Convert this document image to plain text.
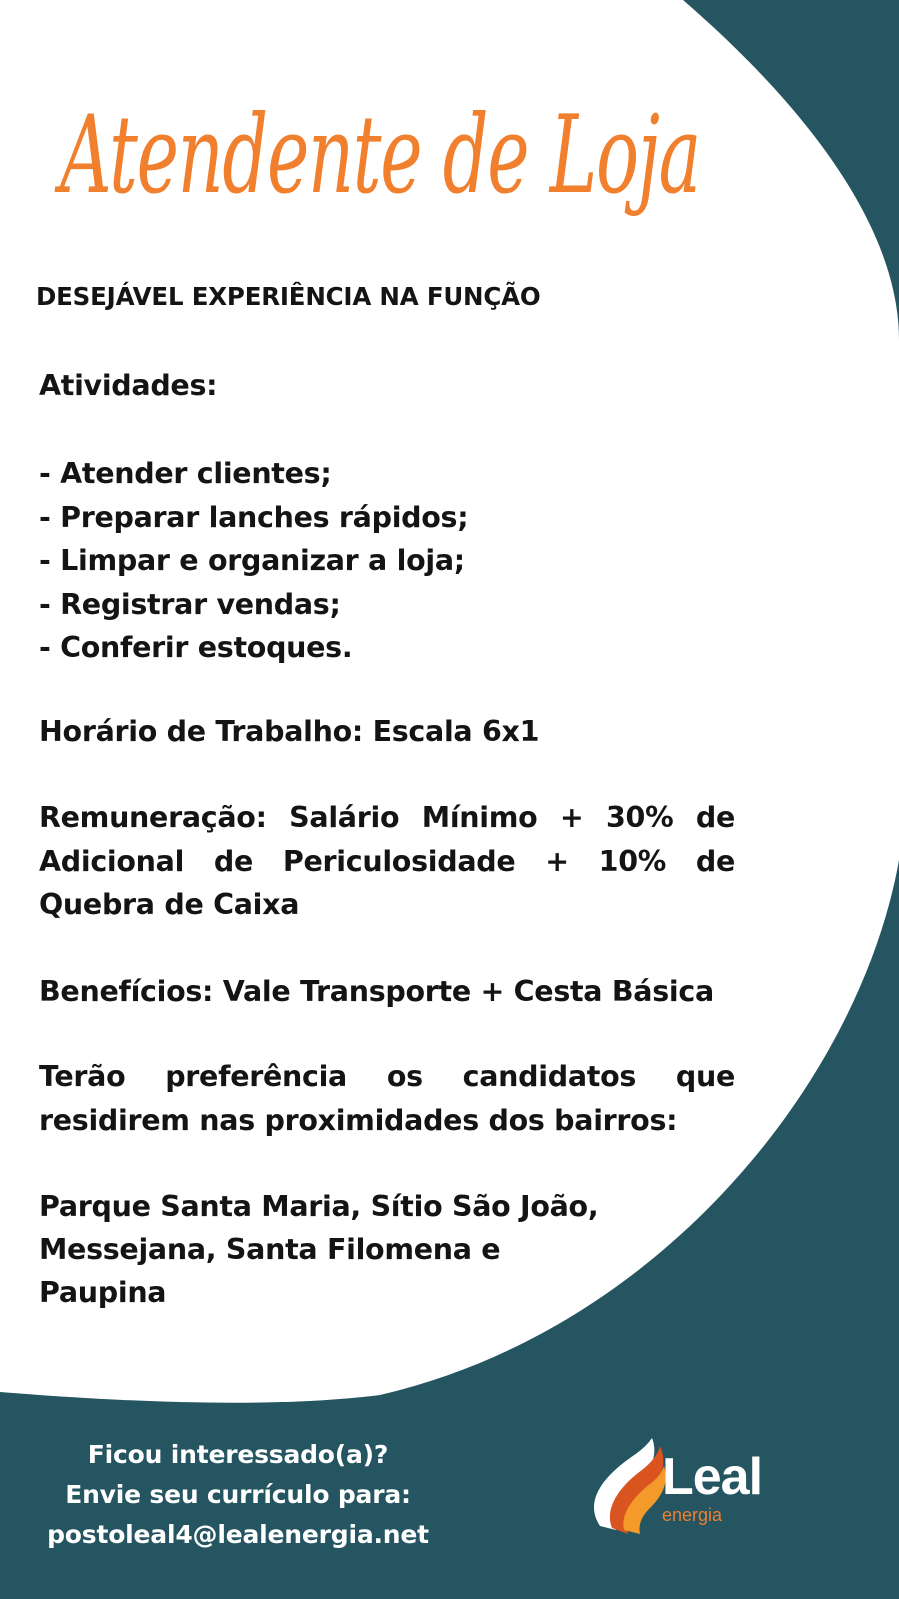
Atendente de Loja

DESEJÁVEL EXPERIÊNCIA NA FUNÇÃO

Atividades:

- Atender clientes;
- Preparar lanches rápidos;
- Limpar e organizar a loja;
- Registrar vendas;
- Conferir estoques.

Horário de Trabalho: Escala 6x1

Remuneração: Salário Mínimo + 30% de Adicional de Periculosidade + 10% de Quebra de Caixa

Benefícios: Vale Transporte + Cesta Básica

Terão preferência os candidatos que residirem nas proximidades dos bairros:

Parque Santa Maria, Sítio São João,

Messejana, Santa Filomena e

Paupina

Ficou interessado(a)?
Envie seu currículo para:
postoleal4@lealenergia.net
Leal
energia
